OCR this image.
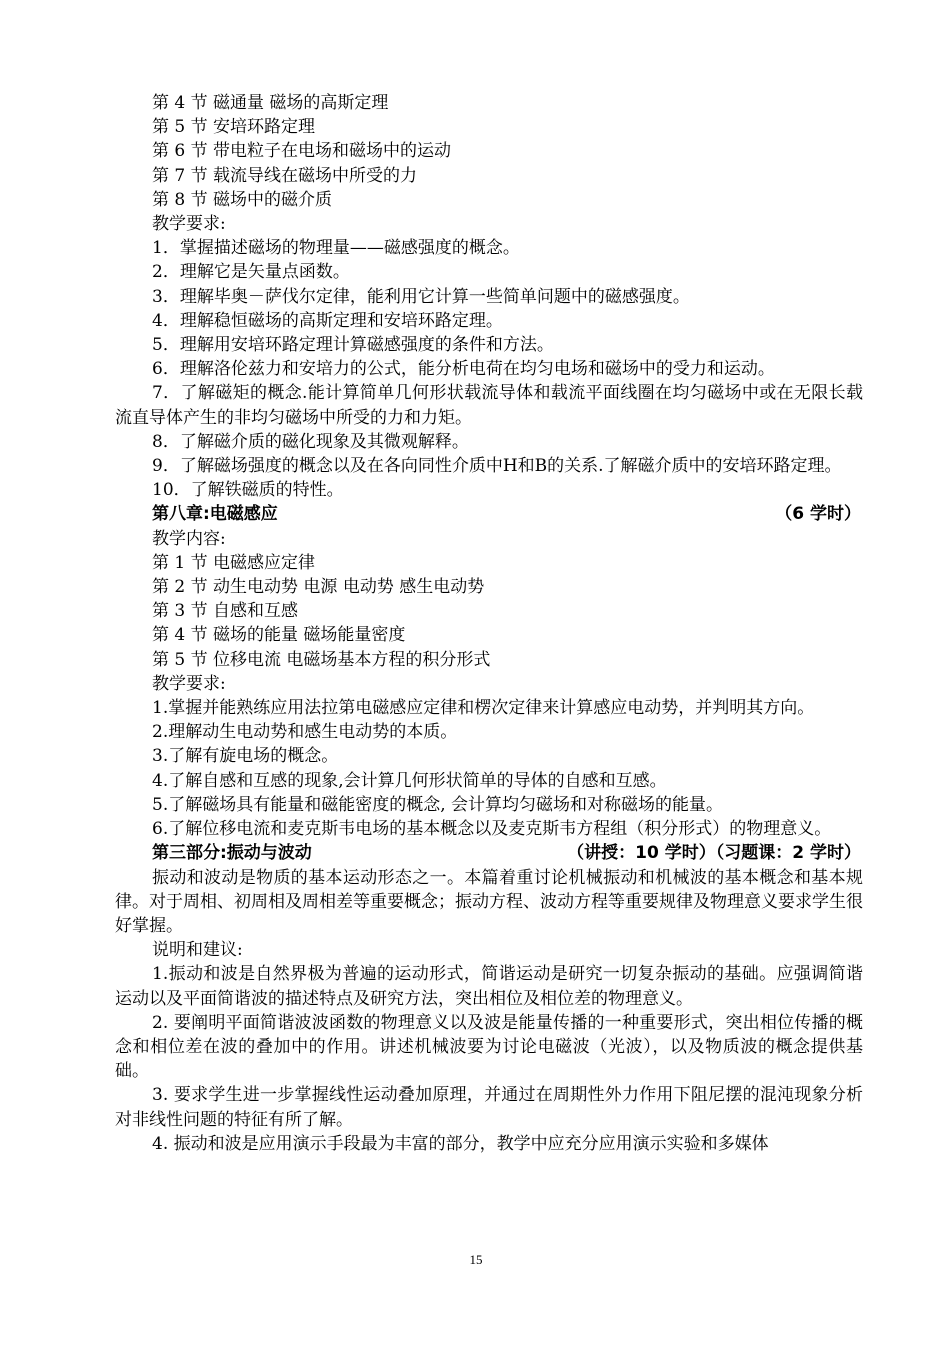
第 4 节 磁通量 磁场的高斯定理
第 5 节 安培环路定理
第 6 节 带电粒子在电场和磁场中的运动
第 7 节 载流导线在磁场中所受的力
第 8 节 磁场中的磁介质
教学要求:
1．掌握描述磁场的物理量——磁感强度的概念。
2．理解它是矢量点函数。
3．理解毕奥－萨伐尔定律，能利用它计算一些简单问题中的磁感强度。
4．理解稳恒磁场的高斯定理和安培环路定理。
5．理解用安培环路定理计算磁感强度的条件和方法。
6．理解洛伦兹力和安培力的公式，能分析电荷在均匀电场和磁场中的受力和运动。
7．了解磁矩的概念.能计算简单几何形状载流导体和载流平面线圈在均匀磁场中或在无限长载流直导体产生的非均匀磁场中所受的力和力矩。
8．了解磁介质的磁化现象及其微观解释。
9．了解磁场强度的概念以及在各向同性介质中H和B的关系.了解磁介质中的安培环路定理。
10．了解铁磁质的特性。
第八章:电磁感应	（6 学时）
教学内容:
第 1 节 电磁感应定律
第 2 节 动生电动势 电源 电动势 感生电动势
第 3 节 自感和互感
第 4 节 磁场的能量 磁场能量密度
第 5 节 位移电流 电磁场基本方程的积分形式
教学要求:
1.掌握并能熟练应用法拉第电磁感应定律和楞次定律来计算感应电动势，并判明其方向。
2.理解动生电动势和感生电动势的本质。
3.了解有旋电场的概念。
4.了解自感和互感的现象,会计算几何形状简单的导体的自感和互感。
5.了解磁场具有能量和磁能密度的概念, 会计算均匀磁场和对称磁场的能量。
6.了解位移电流和麦克斯韦电场的基本概念以及麦克斯韦方程组（积分形式）的物理意义。
第三部分:振动与波动	（讲授：10 学时）（习题课：2 学时）
振动和波动是物质的基本运动形态之一。本篇着重讨论机械振动和机械波的基本概念和基本规律。对于周相、初周相及周相差等重要概念；振动方程、波动方程等重要规律及物理意义要求学生很好掌握。
说明和建议:
1.振动和波是自然界极为普遍的运动形式，简谐运动是研究一切复杂振动的基础。应强调简谐运动以及平面简谐波的描述特点及研究方法，突出相位及相位差的物理意义。
2. 要阐明平面简谐波波函数的物理意义以及波是能量传播的一种重要形式，突出相位传播的概念和相位差在波的叠加中的作用。讲述机械波要为讨论电磁波（光波），以及物质波的概念提供基础。
3. 要求学生进一步掌握线性运动叠加原理，并通过在周期性外力作用下阻尼摆的混沌现象分析对非线性问题的特征有所了解。
4. 振动和波是应用演示手段最为丰富的部分，教学中应充分应用演示实验和多媒体
15
